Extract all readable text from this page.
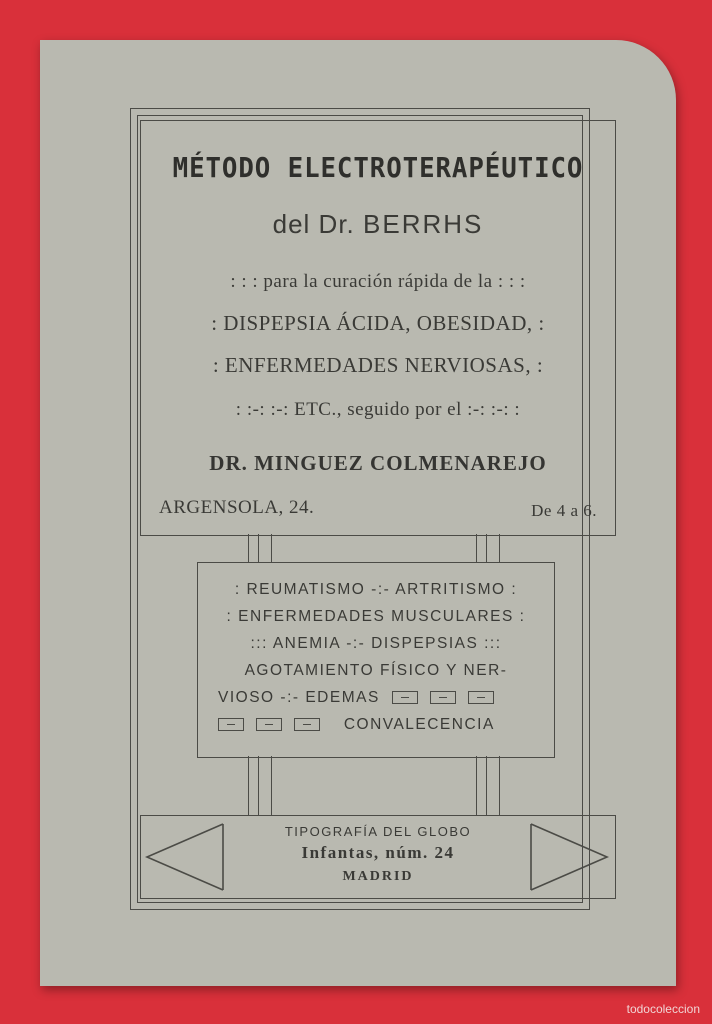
MÉTODO ELECTROTERAPÉUTICO
del Dr. BERRHS
: : : para la curación rápida de la : : :
: DISPEPSIA ÁCIDA, OBESIDAD, :
: ENFERMEDADES NERVIOSAS, :
: :-: :-: ETC., seguido por el :-: :-: :
DR. MINGUEZ COLMENAREJO
ARGENSOLA, 24.	De 4 a 6.
: REUMATISMO -:- ARTRITISMO :
: ENFERMEDADES MUSCULARES :
::: ANEMIA -:- DISPEPSIAS :::
AGOTAMIENTO FÍSICO Y NER-
VIOSO -:- EDEMAS
CONVALECENCIA
TIPOGRAFÍA DEL GLOBO
Infantas, núm. 24
MADRID
todocoleccion
